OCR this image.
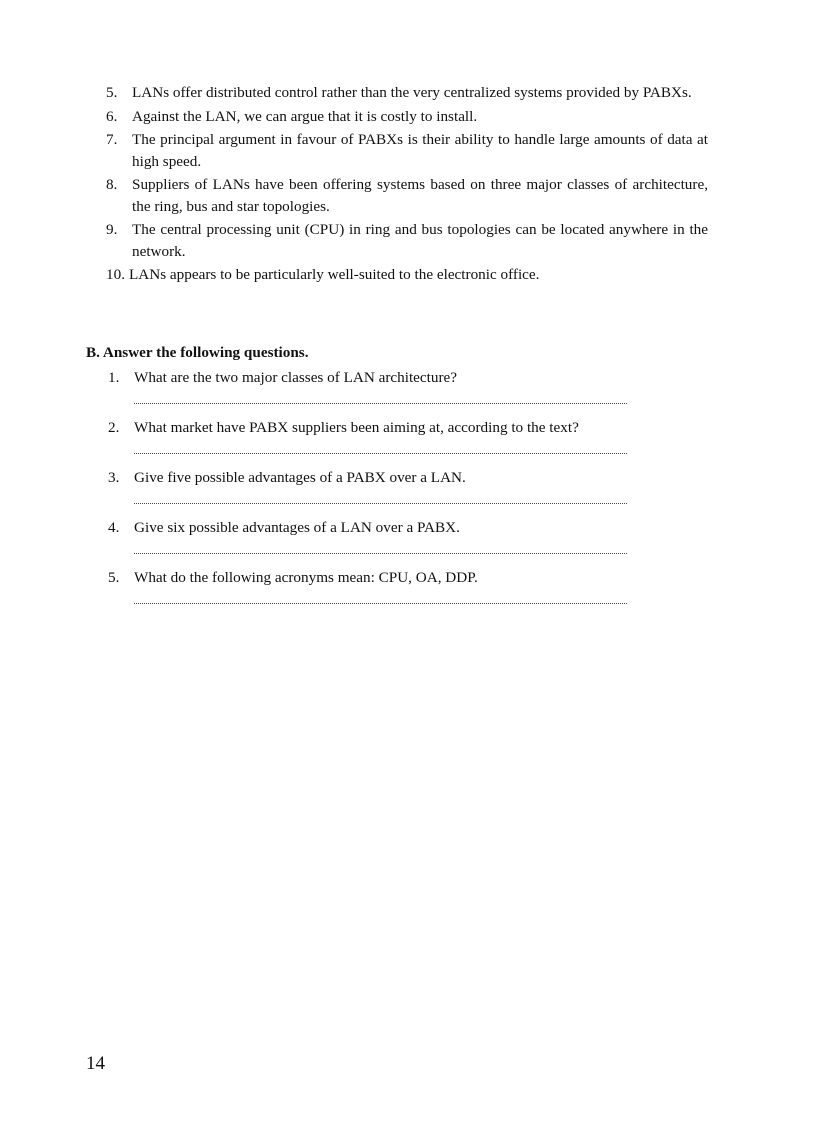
5. LANs offer distributed control rather than the very centralized systems provided by PABXs.
6. Against the LAN, we can argue that it is costly to install.
7. The principal argument in favour of PABXs is their ability to handle large amounts of data at high speed.
8. Suppliers of LANs have been offering systems based on three major classes of architecture, the ring, bus and star topologies.
9. The central processing unit (CPU) in ring and bus topologies can be located anywhere in the network.
10. LANs appears to be particularly well-suited to the electronic office.
B. Answer the following questions.
1. What are the two major classes of LAN architecture?
2. What market have PABX suppliers been aiming at, according to the text?
3. Give five possible advantages of a PABX over a LAN.
4. Give six possible advantages of a LAN over a PABX.
5. What do the following acronyms mean: CPU, OA, DDP.

14
